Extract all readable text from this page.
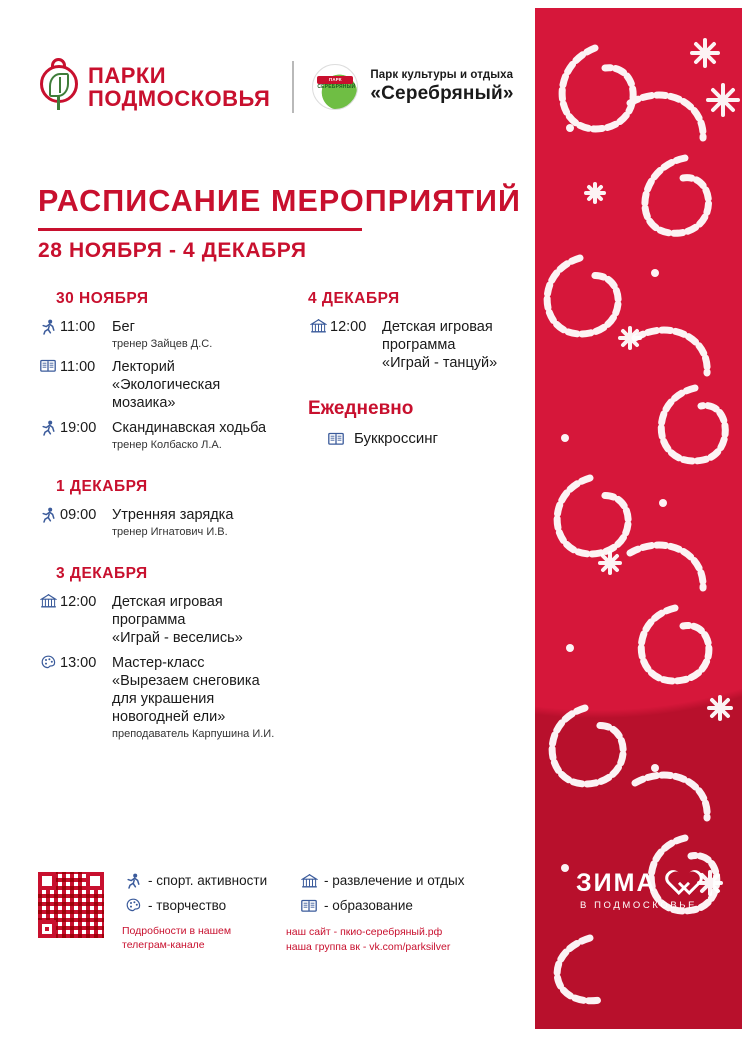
ПАРКИ
ПОДМОСКОВЬЯ
ПАРК
СЕРЕБРЯНЫЙ
Парк культуры и отдыха
«Серебряный»
РАСПИСАНИЕ МЕРОПРИЯТИЙ
28 НОЯБРЯ - 4 ДЕКАБРЯ
30 НОЯБРЯ
11:00	Бег
тренер Зайцев Д.С.
11:00	Лекторий
«Экологическая
мозаика»
19:00	Скандинавская ходьба
тренер Колбаско Л.А.
1 ДЕКАБРЯ
09:00	Утренняя зарядка
тренер Игнатович И.В.
3 ДЕКАБРЯ
12:00	Детская игровая
программа
«Играй - веселись»
13:00	Мастер-класс
«Вырезаем снеговика
для украшения
новогодней ели»
преподаватель Карпушина И.И.
4 ДЕКАБРЯ
12:00	Детская игровая
программа
«Играй - танцуй»
Ежедневно
Буккроссинг
- спорт. активности	- развлечение и отдых
- творчество	- образование
Подробности в нашем
телеграм-канале
наш сайт - пкио-серебряный.рф
наша группа вк - vk.com/parksilver
ЗИМА
В ПОДМОСКОВЬЕ
